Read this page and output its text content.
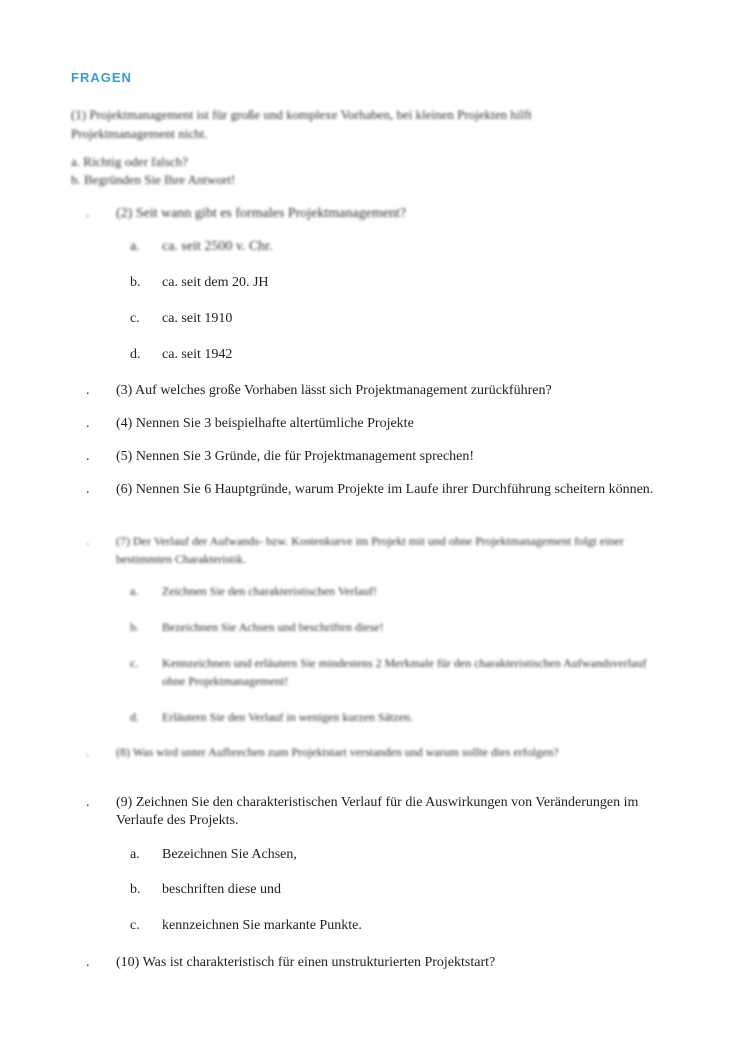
FRAGEN
(1) Projektmanagement ist für große und komplexe Vorhaben, bei kleinen Projekten hilft Projektmanagement nicht.
a. Richtig oder falsch?
b. Begründen Sie Ihre Antwort!
. (2) Seit wann gibt es formales Projektmanagement?
a. ca. seit 2500 v. Chr.
b. ca. seit dem 20. JH
c. ca. seit 1910
d. ca. seit 1942
. (3) Auf welches große Vorhaben lässt sich Projektmanagement zurückführen?
. (4) Nennen Sie 3 beispielhafte altertümliche Projekte
. (5) Nennen Sie 3 Gründe, die für Projektmanagement sprechen!
. (6) Nennen Sie 6 Hauptgründe, warum Projekte im Laufe ihrer Durchführung scheitern können.
. (7) Der Verlauf der Aufwands- bzw. Kostenkurve im Projekt mit und ohne Projektmanagement folgt einer bestimmten Charakteristik.
a. Zeichnen Sie den charakteristischen Verlauf!
b. Bezeichnen Sie Achsen und beschriften diese!
c. Kennzeichnen und erläutern Sie mindestens 2 Merkmale für den charakteristischen Aufwandsverlauf ohne Projektmanagement!
d. Erläutern Sie den Verlauf in wenigen kurzen Sätzen.
. (8) Was wird unter Aufbrechen zum Projektstart verstanden und warum sollte dies erfolgen?
. (9) Zeichnen Sie den charakteristischen Verlauf für die Auswirkungen von Veränderungen im Verlaufe des Projekts.
a. Bezeichnen Sie Achsen,
b. beschriften diese und
c. kennzeichnen Sie markante Punkte.
. (10) Was ist charakteristisch für einen unstrukturierten Projektstart?
